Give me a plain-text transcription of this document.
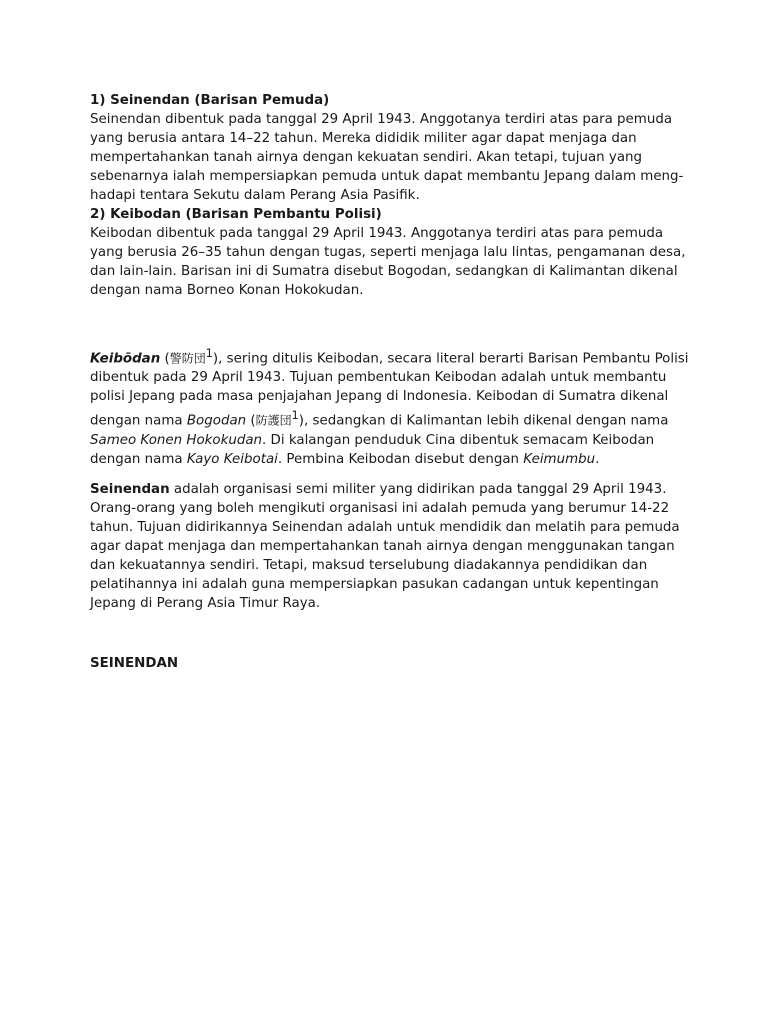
1) Seinendan (Barisan Pemuda)

Seinendan dibentuk pada tanggal 29 April 1943. Anggotanya terdiri atas para pemuda yang berusia antara 14–22 tahun. Mereka dididik militer agar dapat menjaga dan mempertahankan tanah airnya dengan kekuatan sendiri. Akan tetapi, tujuan yang sebenarnya ialah mempersiapkan pemuda untuk dapat membantu Jepang dalam meng- hadapi tentara Sekutu dalam Perang Asia Pasifik.

2) Keibodan (Barisan Pembantu Polisi)

Keibodan dibentuk pada tanggal 29 April 1943. Anggotanya terdiri atas para pemuda yang berusia 26–35 tahun dengan tugas, seperti menjaga lalu lintas, pengamanan desa, dan lain-lain. Barisan ini di Sumatra disebut Bogodan, sedangkan di Kalimantan dikenal dengan nama Borneo Konan Hokokudan.

Keibōdan (警防団$^1$), sering ditulis Keibodan, secara literal berarti Barisan Pembantu Polisi dibentuk pada 29 April 1943. Tujuan pembentukan Keibodan adalah untuk membantu polisi Jepang pada masa penjajahan Jepang di Indonesia. Keibodan di Sumatra dikenal dengan nama Bogodan (防護団$^1$), sedangkan di Kalimantan lebih dikenal dengan nama Sameo Konen Hokokudan. Di kalangan penduduk Cina dibentuk semacam Keibodan dengan nama Kayo Keibotai. Pembina Keibodan disebut dengan Keimumbu.

Seinendan adalah organisasi semi militer yang didirikan pada tanggal 29 April 1943. Orang-orang yang boleh mengikuti organisasi ini adalah pemuda yang berumur 14-22 tahun. Tujuan didirikannya Seinendan adalah untuk mendidik dan melatih para pemuda agar dapat menjaga dan mempertahankan tanah airnya dengan menggunakan tangan dan kekuatannya sendiri. Tetapi, maksud terselubung diadakannya pendidikan dan pelatihannya ini adalah guna mempersiapkan pasukan cadangan untuk kepentingan Jepang di Perang Asia Timur Raya.

SEINENDAN
